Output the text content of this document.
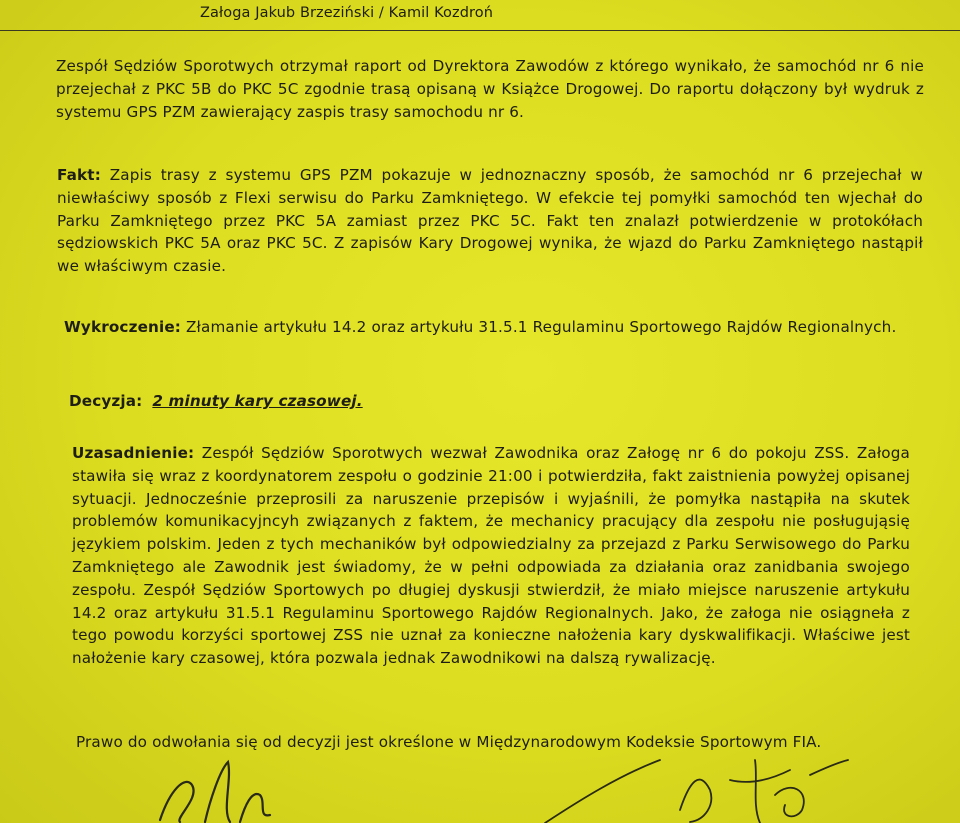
Załoga Jakub Brzeziński / Kamil Kozdroń
Zespół Sędziów Sporotwych otrzymał raport od Dyrektora Zawodów z którego wynikało, że samochód nr 6 nie przejechał z PKC 5B do PKC 5C zgodnie trasą opisaną w Książce Drogowej. Do raportu dołączony był wydruk z systemu GPS PZM zawierający zaspis trasy samochodu nr 6.
Fakt: Zapis trasy z systemu GPS PZM pokazuje w jednoznaczny sposób, że samochód nr 6 przejechał w niewłaściwy sposób z Flexi serwisu do Parku Zamkniętego. W efekcie tej pomyłki samochód ten wjechał do Parku Zamkniętego przez PKC 5A zamiast przez PKC 5C. Fakt ten znalazł potwierdzenie w protokółach sędziowskich PKC 5A oraz PKC 5C. Z zapisów Kary Drogowej wynika, że wjazd do Parku Zamkniętego nastąpił we właściwym czasie.
Wykroczenie: Złamanie artykułu 14.2 oraz artykułu 31.5.1 Regulaminu Sportowego Rajdów Regionalnych.
Decyzja: 2 minuty kary czasowej.
Uzasadnienie: Zespół Sędziów Sporotwych wezwał Zawodnika oraz Załogę nr 6 do pokoju ZSS. Załoga stawiła się wraz z koordynatorem zespołu o godzinie 21:00 i potwierdziła, fakt zaistnienia powyżej opisanej sytuacji. Jednocześnie przeprosili za naruszenie przepisów i wyjaśnili, że pomyłka nastąpiła na skutek problemów komunikacyjncyh związanych z faktem, że mechanicy pracujący dla zespołu nie posługująsię językiem polskim. Jeden z tych mechaników był odpowiedzialny za przejazd z Parku Serwisowego do Parku Zamkniętego ale Zawodnik jest świadomy, że w pełni odpowiada za działania oraz zanidbania swojego zespołu. Zespół Sędziów Sportowych po długiej dyskusji stwierdził, że miało miejsce naruszenie artykułu 14.2 oraz artykułu 31.5.1 Regulaminu Sportowego Rajdów Regionalnych. Jako, że załoga nie osiągneła z tego powodu korzyści sportowej ZSS nie uznał za konieczne nałożenia kary dyskwalifikacji. Właściwe jest nałożenie kary czasowej, która pozwala jednak Zawodnikowi na dalszą rywalizację.
Prawo do odwołania się od decyzji jest określone w Międzynarodowym Kodeksie Sportowym FIA.
